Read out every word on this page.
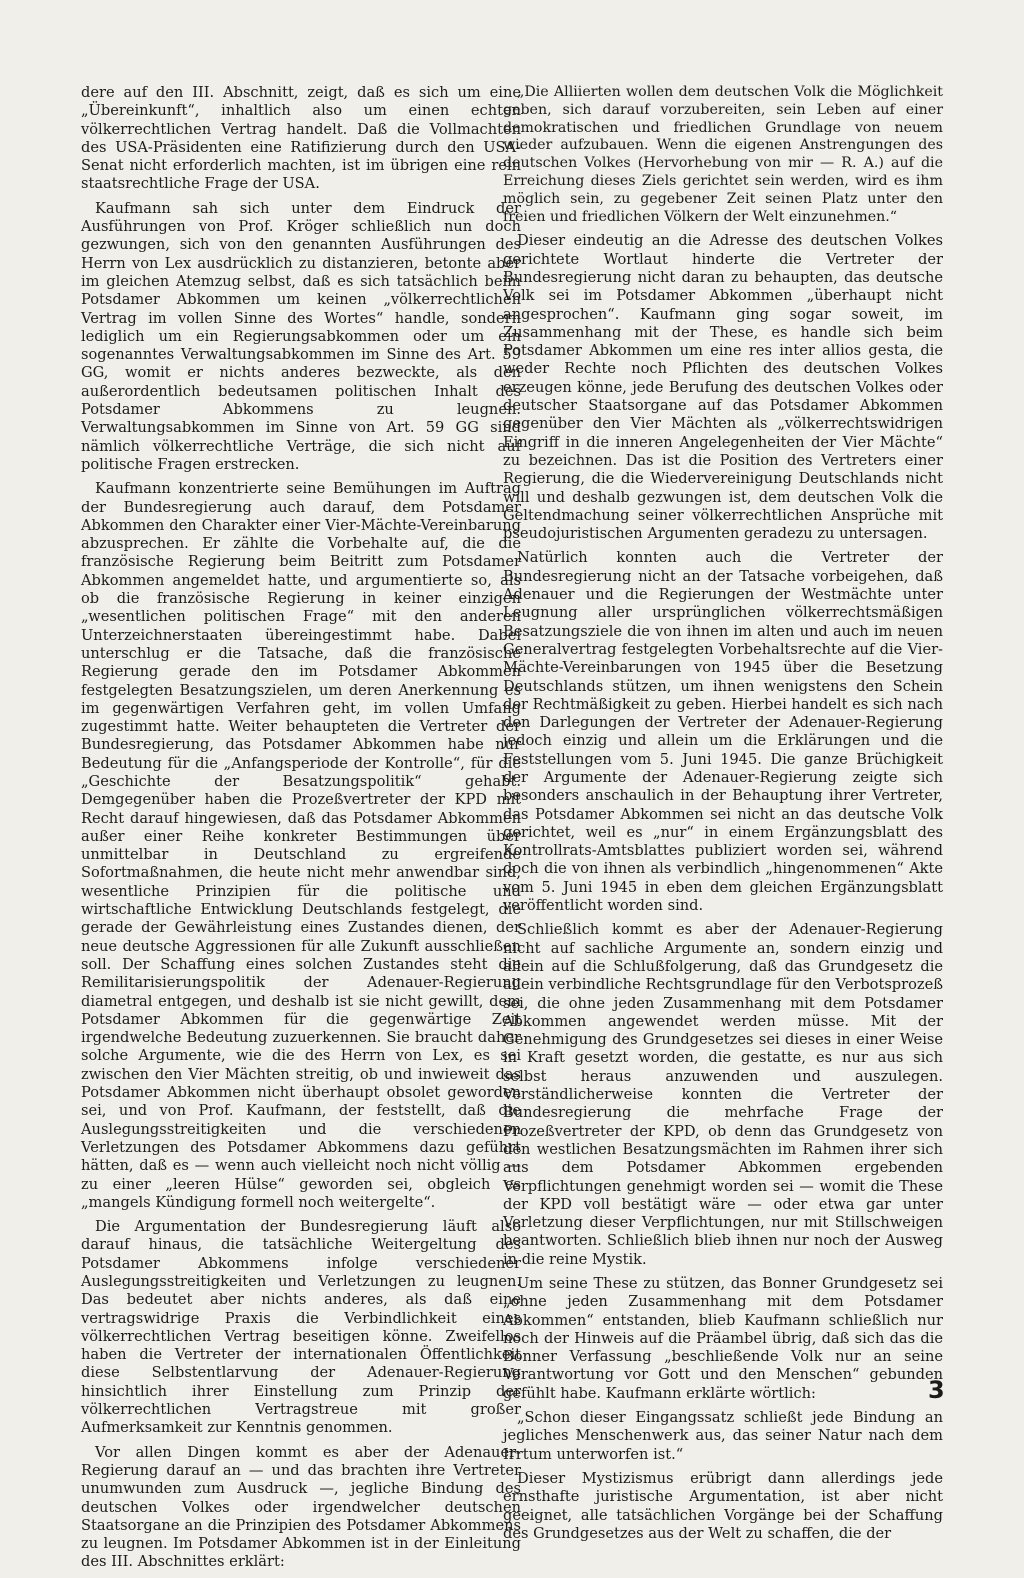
dere auf den III. Abschnitt, zeigt, daß es sich um eine „Übereinkunft“, inhaltlich also um einen echten völkerrechtlichen Vertrag handelt. Daß die Vollmachten des USA-Präsidenten eine Ratifizierung durch den USA-Senat nicht erforderlich machten, ist im übrigen eine rein staatsrechtliche Frage der USA.

Kaufmann sah sich unter dem Eindruck der Ausführungen von Prof. Kröger schließlich nun doch gezwungen, sich von den genannten Ausführungen des Herrn von Lex ausdrücklich zu distanzieren, betonte aber im gleichen Atemzug selbst, daß es sich tatsächlich beim Potsdamer Abkommen um keinen „völkerrechtlichen Vertrag im vollen Sinne des Wortes“ handle, sondern lediglich um ein Regierungsabkommen oder um ein sogenanntes Verwaltungsabkommen im Sinne des Art. 59 GG, womit er nichts anderes bezweckte, als den außerordentlich bedeutsamen politischen Inhalt des Potsdamer Abkommens zu leugnen. Verwaltungsabkommen im Sinne von Art. 59 GG sind nämlich völkerrechtliche Verträge, die sich nicht auf politische Fragen erstrecken.

Kaufmann konzentrierte seine Bemühungen im Auftrag der Bundesregierung auch darauf, dem Potsdamer Abkommen den Charakter einer Vier-Mächte-Vereinbarung abzusprechen. Er zählte die Vorbehalte auf, die die französische Regierung beim Beitritt zum Potsdamer Abkommen angemeldet hatte, und argumentierte so, als ob die französische Regierung in keiner einzigen „wesentlichen politischen Frage“ mit den anderen Unterzeichnerstaaten übereingestimmt habe. Dabei unterschlug er die Tatsache, daß die französische Regierung gerade den im Potsdamer Abkommen festgelegten Besatzungszielen, um deren Anerkennung es im gegenwärtigen Verfahren geht, im vollen Umfang zugestimmt hatte. Weiter behaupteten die Vertreter der Bundesregierung, das Potsdamer Abkommen habe nur Bedeutung für die „Anfangsperiode der Kontrolle“, für die „Geschichte der Besatzungspolitik“ gehabt. Demgegenüber haben die Prozeßvertreter der KPD mit Recht darauf hingewiesen, daß das Potsdamer Abkommen außer einer Reihe konkreter Bestimmungen über unmittelbar in Deutschland zu ergreifende Sofortmaßnahmen, die heute nicht mehr anwendbar sind, wesentliche Prinzipien für die politische und wirtschaftliche Entwicklung Deutschlands festgelegt, die gerade der Gewährleistung eines Zustandes dienen, der neue deutsche Aggressionen für alle Zukunft ausschließen soll. Der Schaffung eines solchen Zustandes steht die Remilitarisierungspolitik der Adenauer-Regierung diametral entgegen, und deshalb ist sie nicht gewillt, dem Potsdamer Abkommen für die gegenwärtige Zeit irgendwelche Bedeutung zuzuerkennen. Sie braucht daher solche Argumente, wie die des Herrn von Lex, es sei zwischen den Vier Mächten streitig, ob und inwieweit das Potsdamer Abkommen nicht überhaupt obsolet geworden sei, und von Prof. Kaufmann, der feststellt, daß die Auslegungsstreitigkeiten und die verschiedenen Verletzungen des Potsdamer Abkommens dazu geführt hätten, daß es — wenn auch vielleicht noch nicht völlig — zu einer „leeren Hülse“ geworden sei, obgleich es „mangels Kündigung formell noch weitergelte“.

Die Argumentation der Bundesregierung läuft also darauf hinaus, die tatsächliche Weitergeltung des Potsdamer Abkommens infolge verschiedener Auslegungsstreitigkeiten und Verletzungen zu leugnen. Das bedeutet aber nichts anderes, als daß eine vertragswidrige Praxis die Verbindlichkeit eines völkerrechtlichen Vertrag beseitigen könne. Zweifellos haben die Vertreter der internationalen Öffentlichkeit diese Selbstentlarvung der Adenauer-Regierung hinsichtlich ihrer Einstellung zum Prinzip der völkerrechtlichen Vertragstreue mit großer Aufmerksamkeit zur Kenntnis genommen.

Vor allen Dingen kommt es aber der Adenauer-Regierung darauf an — und das brachten ihre Vertreter unumwunden zum Ausdruck —, jegliche Bindung des deutschen Volkes oder irgendwelcher deutschen Staatsorgane an die Prinzipien des Potsdamer Abkommens zu leugnen. Im Potsdamer Abkommen ist in der Einleitung des III. Abschnittes erklärt:

„Die Alliierten wollen dem deutschen Volk die Möglichkeit geben, sich darauf vorzubereiten, sein Leben auf einer demokratischen und friedlichen Grundlage von neuem wieder aufzubauen. Wenn die eigenen Anstrengungen des deutschen Volkes (Hervorhebung von mir — R. A.) auf die Erreichung dieses Ziels gerichtet sein werden, wird es ihm möglich sein, zu gegebener Zeit seinen Platz unter den freien und friedlichen Völkern der Welt einzunehmen.“

Dieser eindeutig an die Adresse des deutschen Volkes gerichtete Wortlaut hinderte die Vertreter der Bundesregierung nicht daran zu behaupten, das deutsche Volk sei im Potsdamer Abkommen „überhaupt nicht angesprochen“. Kaufmann ging sogar soweit, im Zusammenhang mit der These, es handle sich beim Potsdamer Abkommen um eine res inter allios gesta, die weder Rechte noch Pflichten des deutschen Volkes erzeugen könne, jede Berufung des deutschen Volkes oder deutscher Staatsorgane auf das Potsdamer Abkommen gegenüber den Vier Mächten als „völkerrechtswidrigen Eingriff in die inneren Angelegenheiten der Vier Mächte“ zu bezeichnen. Das ist die Position des Vertreters einer Regierung, die die Wiedervereinigung Deutschlands nicht will und deshalb gezwungen ist, dem deutschen Volk die Geltendmachung seiner völkerrechtlichen Ansprüche mit pseudojuristischen Argumenten geradezu zu untersagen.

Natürlich konnten auch die Vertreter der Bundesregierung nicht an der Tatsache vorbeigehen, daß Adenauer und die Regierungen der Westmächte unter Leugnung aller ursprünglichen völkerrechtsmäßigen Besatzungsziele die von ihnen im alten und auch im neuen Generalvertrag festgelegten Vorbehaltsrechte auf die Vier-Mächte-Vereinbarungen von 1945 über die Besetzung Deutschlands stützen, um ihnen wenigstens den Schein der Rechtmäßigkeit zu geben. Hierbei handelt es sich nach den Darlegungen der Vertreter der Adenauer-Regierung jedoch einzig und allein um die Erklärungen und die Feststellungen vom 5. Juni 1945. Die ganze Brüchigkeit der Argumente der Adenauer-Regierung zeigte sich besonders anschaulich in der Behauptung ihrer Vertreter, das Potsdamer Abkommen sei nicht an das deutsche Volk gerichtet, weil es „nur“ in einem Ergänzungsblatt des Kontrollrats-Amtsblattes publiziert worden sei, während doch die von ihnen als verbindlich „hingenommenen“ Akte vom 5. Juni 1945 in eben dem gleichen Ergänzungsblatt veröffentlicht worden sind.

Schließlich kommt es aber der Adenauer-Regierung nicht auf sachliche Argumente an, sondern einzig und allein auf die Schlußfolgerung, daß das Grundgesetz die allein verbindliche Rechtsgrundlage für den Verbotsprozeß sei, die ohne jeden Zusammenhang mit dem Potsdamer Abkommen angewendet werden müsse. Mit der Genehmigung des Grundgesetzes sei dieses in einer Weise in Kraft gesetzt worden, die gestatte, es nur aus sich selbst heraus anzuwenden und auszulegen. Verständlicherweise konnten die Vertreter der Bundesregierung die mehrfache Frage der Prozeßvertreter der KPD, ob denn das Grundgesetz von den westlichen Besatzungsmächten im Rahmen ihrer sich aus dem Potsdamer Abkommen ergebenden Verpflichtungen genehmigt worden sei — womit die These der KPD voll bestätigt wäre — oder etwa gar unter Verletzung dieser Verpflichtungen, nur mit Stillschweigen beantworten. Schließlich blieb ihnen nur noch der Ausweg in die reine Mystik.

Um seine These zu stützen, das Bonner Grundgesetz sei „ohne jeden Zusammenhang mit dem Potsdamer Abkommen“ entstanden, blieb Kaufmann schließlich nur noch der Hinweis auf die Präambel übrig, daß sich das die Bonner Verfassung „beschließende Volk nur an seine Verantwortung vor Gott und den Menschen“ gebunden gefühlt habe. Kaufmann erklärte wörtlich:

„Schon dieser Eingangssatz schließt jede Bindung an jegliches Menschenwerk aus, das seiner Natur nach dem Irrtum unterworfen ist.“

Dieser Mystizismus erübrigt dann allerdings jede ernsthafte juristische Argumentation, ist aber nicht geeignet, alle tatsächlichen Vorgänge bei der Schaffung des Grundgesetzes aus der Welt zu schaffen, die der

3
